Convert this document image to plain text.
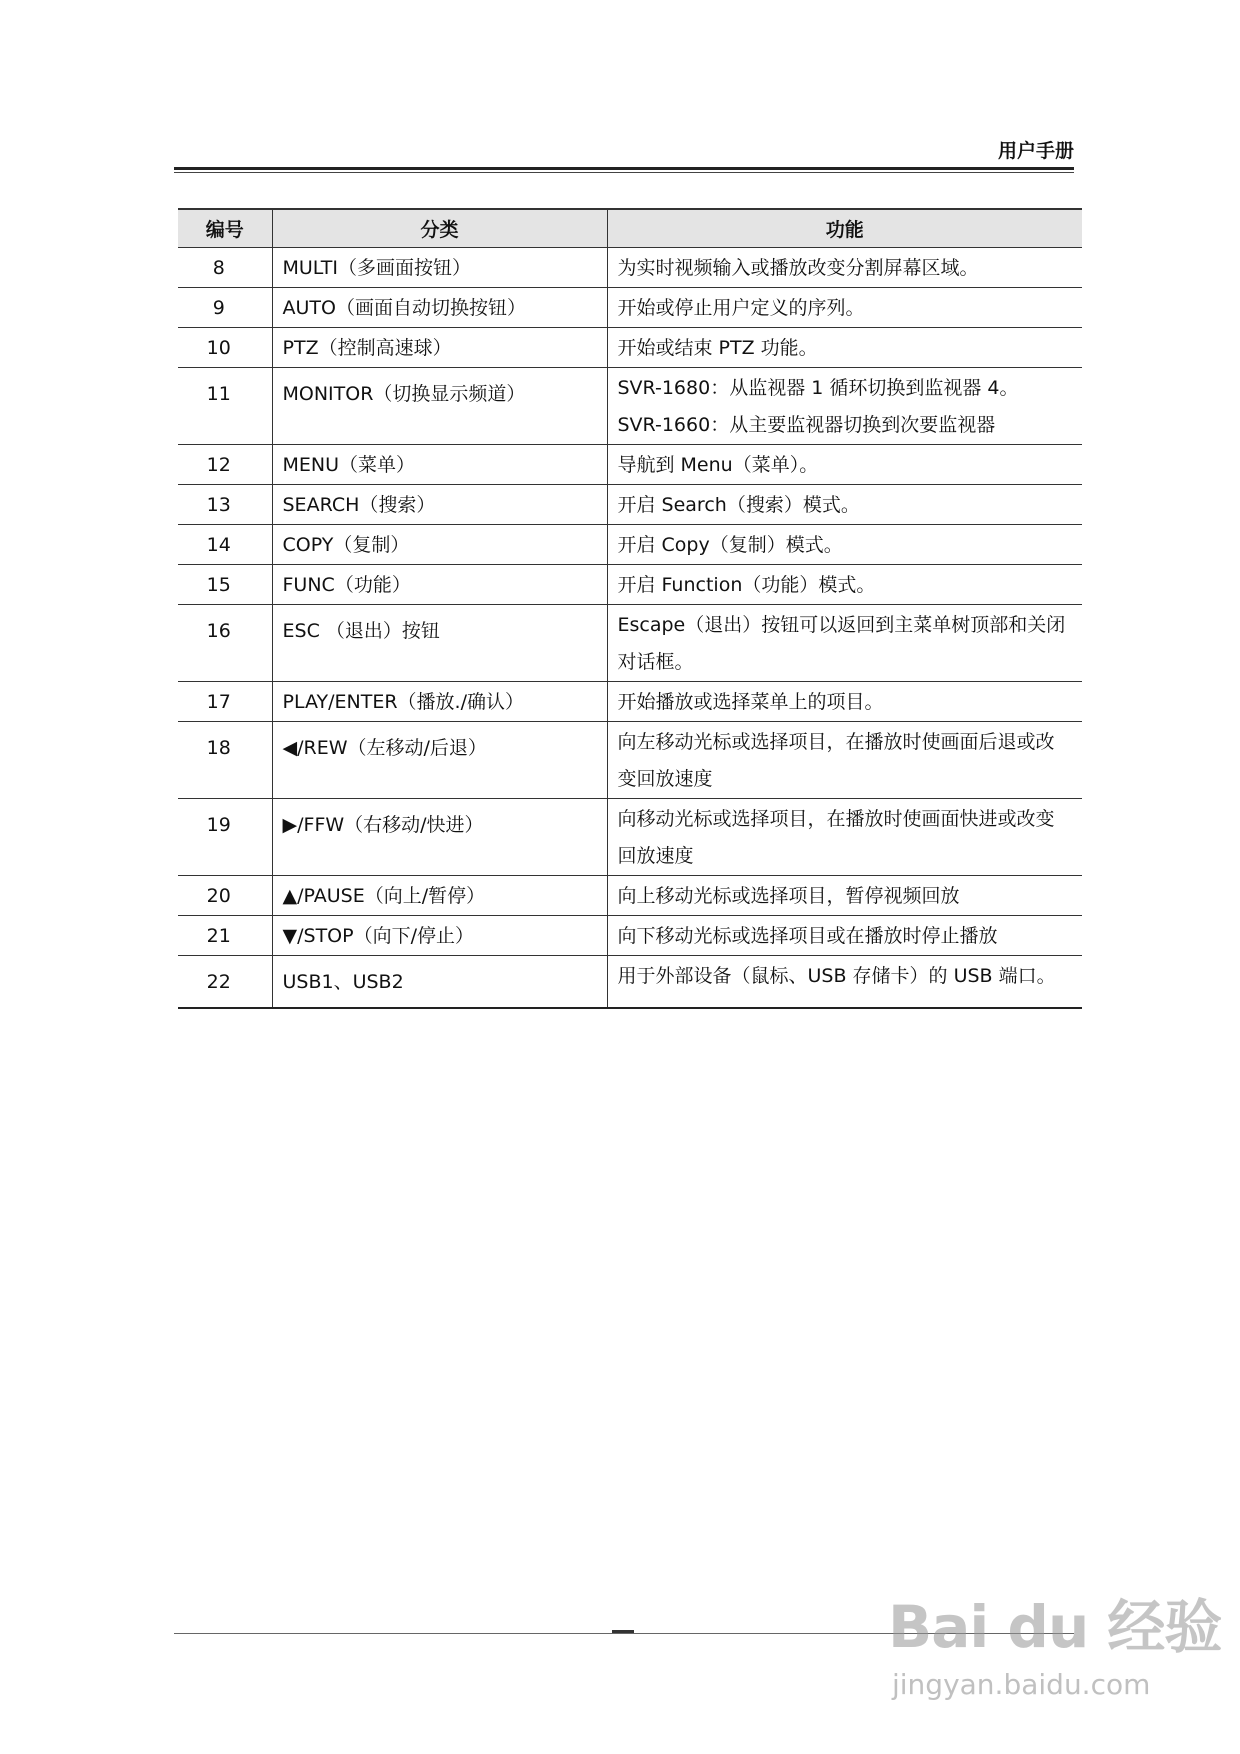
用户手册
编号	分类	功能
8	MULTI（多画面按钮）	为实时视频输入或播放改变分割屏幕区域。
9	AUTO（画面自动切换按钮）	开始或停止用户定义的序列。
10	PTZ（控制高速球）	开始或结束 PTZ 功能。
11	MONITOR（切换显示频道）	SVR-1680：从监视器 1 循环切换到监视器 4。
SVR-1660：从主要监视器切换到次要监视器

12	MENU（菜单）	导航到 Menu（菜单）。
13	SEARCH（搜索）	开启 Search（搜索）模式。
14	COPY（复制）	开启 Copy（复制）模式。
15	FUNC（功能）	开启 Function（功能）模式。
16	ESC （退出）按钮	Escape（退出）按钮可以返回到主菜单树顶部和关闭对话框。
17	PLAY/ENTER（播放./确认）	开始播放或选择菜单上的项目。
18	◀/REW（左移动/后退）	向左移动光标或选择项目，在播放时使画面后退或改变回放速度
19	▶/FFW（右移动/快进）	向移动光标或选择项目，在播放时使画面快进或改变回放速度
20	▲/PAUSE（向上/暂停）	向上移动光标或选择项目，暂停视频回放
21	▼/STOP（向下/停止）	向下移动光标或选择项目或在播放时停止播放
22	USB1、USB2	用于外部设备（鼠标、USB 存储卡）的 USB 端口。
Bai du 经验
jingyan.baidu.com
